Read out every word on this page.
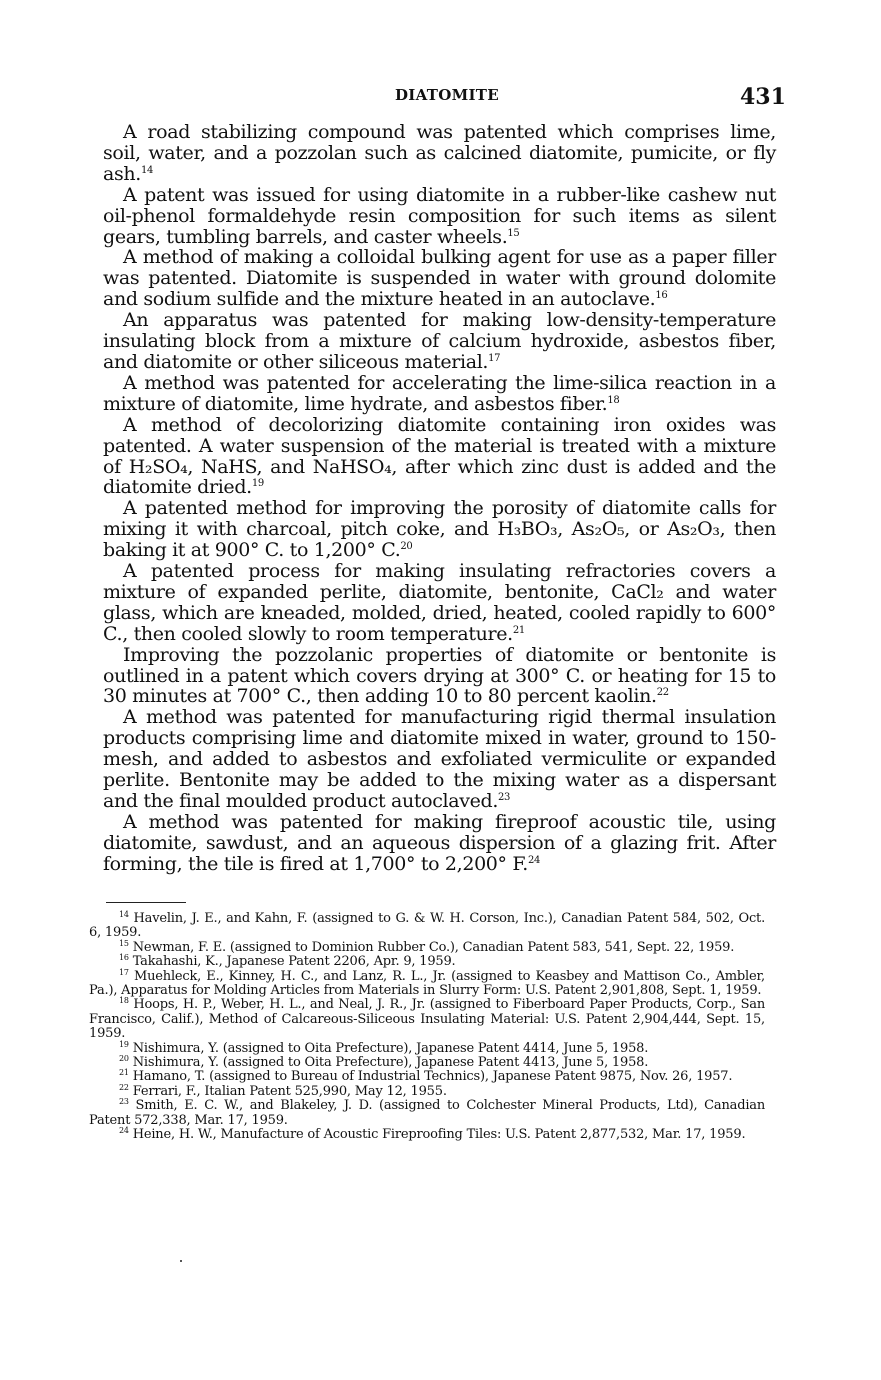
DIATOMITE	431

A road stabilizing compound was patented which comprises lime, soil, water, and a pozzolan such as calcined diatomite, pumicite, or fly ash.$^{14}$

A patent was issued for using diatomite in a rubber-like cashew nut oil-phenol formaldehyde resin composition for such items as silent gears, tumbling barrels, and caster wheels.$^{15}$

A method of making a colloidal bulking agent for use as a paper filler was patented. Diatomite is suspended in water with ground dolomite and sodium sulfide and the mixture heated in an autoclave.$^{16}$

An apparatus was patented for making low-density-temperature insulating block from a mixture of calcium hydroxide, asbestos fiber, and diatomite or other siliceous material.$^{17}$

A method was patented for accelerating the lime-silica reaction in a mixture of diatomite, lime hydrate, and asbestos fiber.$^{18}$

A method of decolorizing diatomite containing iron oxides was patented. A water suspension of the material is treated with a mixture of H₂SO₄, NaHS, and NaHSO₄, after which zinc dust is added and the diatomite dried.$^{19}$

A patented method for improving the porosity of diatomite calls for mixing it with charcoal, pitch coke, and H₃BO₃, As₂O₅, or As₂O₃, then baking it at 900° C. to 1,200° C.$^{20}$

A patented process for making insulating refractories covers a mixture of expanded perlite, diatomite, bentonite, CaCl₂ and water glass, which are kneaded, molded, dried, heated, cooled rapidly to 600° C., then cooled slowly to room temperature.$^{21}$

Improving the pozzolanic properties of diatomite or bentonite is outlined in a patent which covers drying at 300° C. or heating for 15 to 30 minutes at 700° C., then adding 10 to 80 percent kaolin.$^{22}$

A method was patented for manufacturing rigid thermal insulation products comprising lime and diatomite mixed in water, ground to 150-mesh, and added to asbestos and exfoliated vermiculite or expanded perlite. Bentonite may be added to the mixing water as a dispersant and the final moulded product autoclaved.$^{23}$

A method was patented for making fireproof acoustic tile, using diatomite, sawdust, and an aqueous dispersion of a glazing frit. After forming, the tile is fired at 1,700° to 2,200° F.$^{24}$

$^{14}$ Havelin, J. E., and Kahn, F. (assigned to G. & W. H. Corson, Inc.), Canadian Patent 584, 502, Oct. 6, 1959.

$^{15}$ Newman, F. E. (assigned to Dominion Rubber Co.), Canadian Patent 583, 541, Sept. 22, 1959.

$^{16}$ Takahashi, K., Japanese Patent 2206, Apr. 9, 1959.

$^{17}$ Muehleck, E., Kinney, H. C., and Lanz, R. L., Jr. (assigned to Keasbey and Mattison Co., Ambler, Pa.), Apparatus for Molding Articles from Materials in Slurry Form: U.S. Patent 2,901,808, Sept. 1, 1959.

$^{18}$ Hoops, H. P., Weber, H. L., and Neal, J. R., Jr. (assigned to Fiberboard Paper Products, Corp., San Francisco, Calif.), Method of Calcareous-Siliceous Insulating Material: U.S. Patent 2,904,444, Sept. 15, 1959.

$^{19}$ Nishimura, Y. (assigned to Oita Prefecture), Japanese Patent 4414, June 5, 1958.

$^{20}$ Nishimura, Y. (assigned to Oita Prefecture), Japanese Patent 4413, June 5, 1958.

$^{21}$ Hamano, T. (assigned to Bureau of Industrial Technics), Japanese Patent 9875, Nov. 26, 1957.

$^{22}$ Ferrari, F., Italian Patent 525,990, May 12, 1955.

$^{23}$ Smith, E. C. W., and Blakeley, J. D. (assigned to Colchester Mineral Products, Ltd), Canadian Patent 572,338, Mar. 17, 1959.

$^{24}$ Heine, H. W., Manufacture of Acoustic Fireproofing Tiles: U.S. Patent 2,877,532, Mar. 17, 1959.
